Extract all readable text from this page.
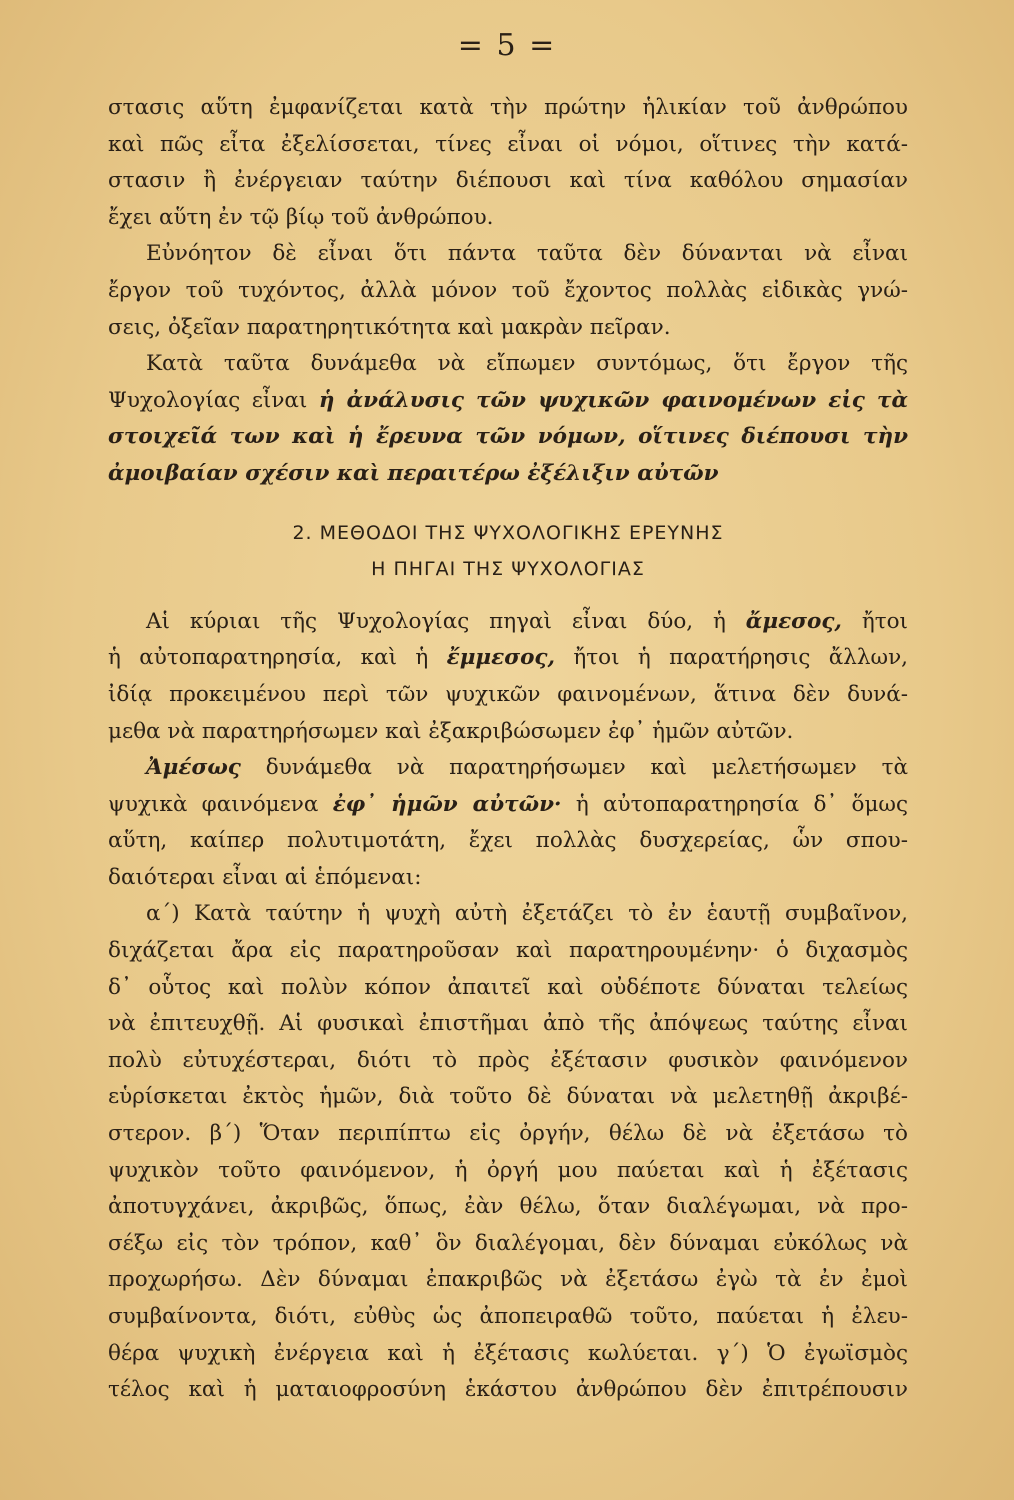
= 5 =
στασις αὕτη ἐμφανίζεται κατὰ τὴν πρώτην ἡλικίαν τοῦ ἀνθρώπου
καὶ πῶς εἶτα ἐξελίσσεται, τίνες εἶναι οἱ νόμοι, οἵτινες τὴν κατά-
στασιν ἢ ἐνέργειαν ταύτην διέπουσι καὶ τίνα καθόλου σημασίαν
ἔχει αὕτη ἐν τῷ βίῳ τοῦ ἀνθρώπου.
Εὐνόητον δὲ εἶναι ὅτι πάντα ταῦτα δὲν δύνανται νὰ εἶναι
ἔργον τοῦ τυχόντος, ἀλλὰ μόνον τοῦ ἔχοντος πολλὰς εἰδικὰς γνώ-
σεις, ὀξεῖαν παρατηρητικότητα καὶ μακρὰν πεῖραν.
Κατὰ ταῦτα δυνάμεθα νὰ εἴπωμεν συντόμως, ὅτι ἔργον τῆς
Ψυχολογίας εἶναι ἡ ἀνάλυσις τῶν ψυχικῶν φαινομένων εἰς τὰ
στοιχεῖά των καὶ ἡ ἔρευνα τῶν νόμων, οἵτινες διέπουσι τὴν
ἀμοιβαίαν σχέσιν καὶ περαιτέρω ἐξέλιξιν αὐτῶν
2. ΜΕΘΟΔΟΙ ΤΗΣ ΨΥΧΟΛΟΓΙΚΗΣ ΕΡΕΥΝΗΣ
Η ΠΗΓΑΙ ΤΗΣ ΨΥΧΟΛΟΓΙΑΣ
Αἱ κύριαι τῆς Ψυχολογίας πηγαὶ εἶναι δύο, ἡ ἄμεσος, ἤτοι
ἡ αὐτοπαρατηρησία, καὶ ἡ ἔμμεσος, ἤτοι ἡ παρατήρησις ἄλλων,
ἰδίᾳ προκειμένου περὶ τῶν ψυχικῶν φαινομένων, ἅτινα δὲν δυνά-
μεθα νὰ παρατηρήσωμεν καὶ ἐξακριβώσωμεν ἐφ᾽ ἡμῶν αὐτῶν.
Ἀμέσως δυνάμεθα νὰ παρατηρήσωμεν καὶ μελετήσωμεν τὰ
ψυχικὰ φαινόμενα ἐφ᾽ ἡμῶν αὐτῶν· ἡ αὐτοπαρατηρησία δ᾽ ὅμως
αὕτη, καίπερ πολυτιμοτάτη, ἔχει πολλὰς δυσχερείας, ὧν σπου-
δαιότεραι εἶναι αἱ ἑπόμεναι:
α´) Κατὰ ταύτην ἡ ψυχὴ αὐτὴ ἐξετάζει τὸ ἐν ἑαυτῇ συμβαῖνον,
διχάζεται ἄρα εἰς παρατηροῦσαν καὶ παρατηρουμένην· ὁ διχασμὸς
δ᾽ οὗτος καὶ πολὺν κόπον ἀπαιτεῖ καὶ οὐδέποτε δύναται τελείως
νὰ ἐπιτευχθῇ. Αἱ φυσικαὶ ἐπιστῆμαι ἀπὸ τῆς ἀπόψεως ταύτης εἶναι
πολὺ εὐτυχέστεραι, διότι τὸ πρὸς ἐξέτασιν φυσικὸν φαινόμενον
εὑρίσκεται ἐκτὸς ἡμῶν, διὰ τοῦτο δὲ δύναται νὰ μελετηθῇ ἀκριβέ-
στερον. β´) Ὅταν περιπίπτω εἰς ὀργήν, θέλω δὲ νὰ ἐξετάσω τὸ
ψυχικὸν τοῦτο φαινόμενον, ἡ ὀργή μου παύεται καὶ ἡ ἐξέτασις
ἀποτυγχάνει, ἀκριβῶς, ὅπως, ἐὰν θέλω, ὅταν διαλέγωμαι, νὰ προ-
σέξω εἰς τὸν τρόπον, καθ᾽ ὃν διαλέγομαι, δὲν δύναμαι εὐκόλως νὰ
προχωρήσω. Δὲν δύναμαι ἐπακριβῶς νὰ ἐξετάσω ἐγὼ τὰ ἐν ἐμοὶ
συμβαίνοντα, διότι, εὐθὺς ὡς ἀποπειραθῶ τοῦτο, παύεται ἡ ἐλευ-
θέρα ψυχικὴ ἐνέργεια καὶ ἡ ἐξέτασις κωλύεται. γ´) Ὁ ἐγωϊσμὸς
τέλος καὶ ἡ ματαιοφροσύνη ἑκάστου ἀνθρώπου δὲν ἐπιτρέπουσιν
